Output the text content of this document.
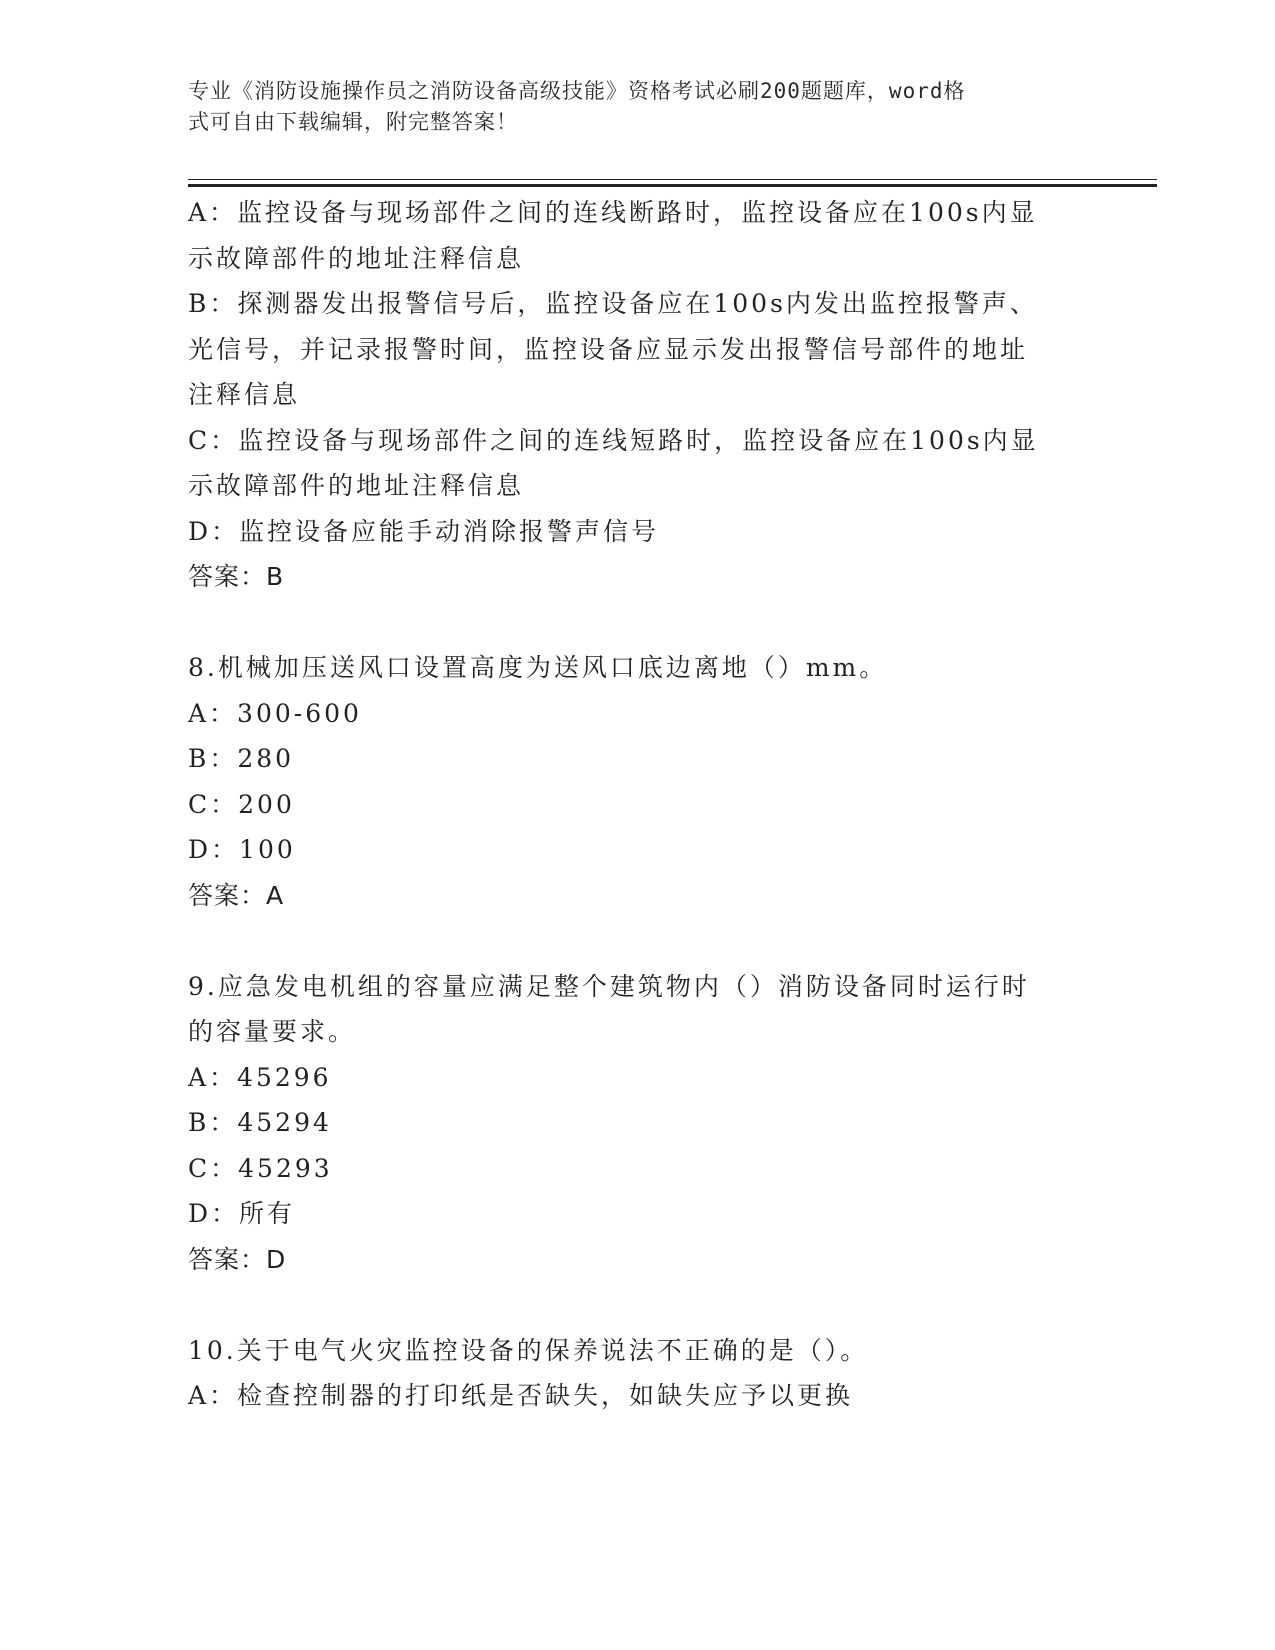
专业《消防设施操作员之消防设备高级技能》资格考试必刷200题题库，word格
式可自由下载编辑，附完整答案！
A：监控设备与现场部件之间的连线断路时，监控设备应在100s内显
示故障部件的地址注释信息
B：探测器发出报警信号后，监控设备应在100s内发出监控报警声、
光信号，并记录报警时间，监控设备应显示发出报警信号部件的地址
注释信息
C：监控设备与现场部件之间的连线短路时，监控设备应在100s内显
示故障部件的地址注释信息
D：监控设备应能手动消除报警声信号
答案：B
8.机械加压送风口设置高度为送风口底边离地（）mm。
A：300-600
B：280
C：200
D：100
答案：A
9.应急发电机组的容量应满足整个建筑物内（）消防设备同时运行时
的容量要求。
A：45296
B：45294
C：45293
D：所有
答案：D
10.关于电气火灾监控设备的保养说法不正确的是（）。
A：检查控制器的打印纸是否缺失，如缺失应予以更换
